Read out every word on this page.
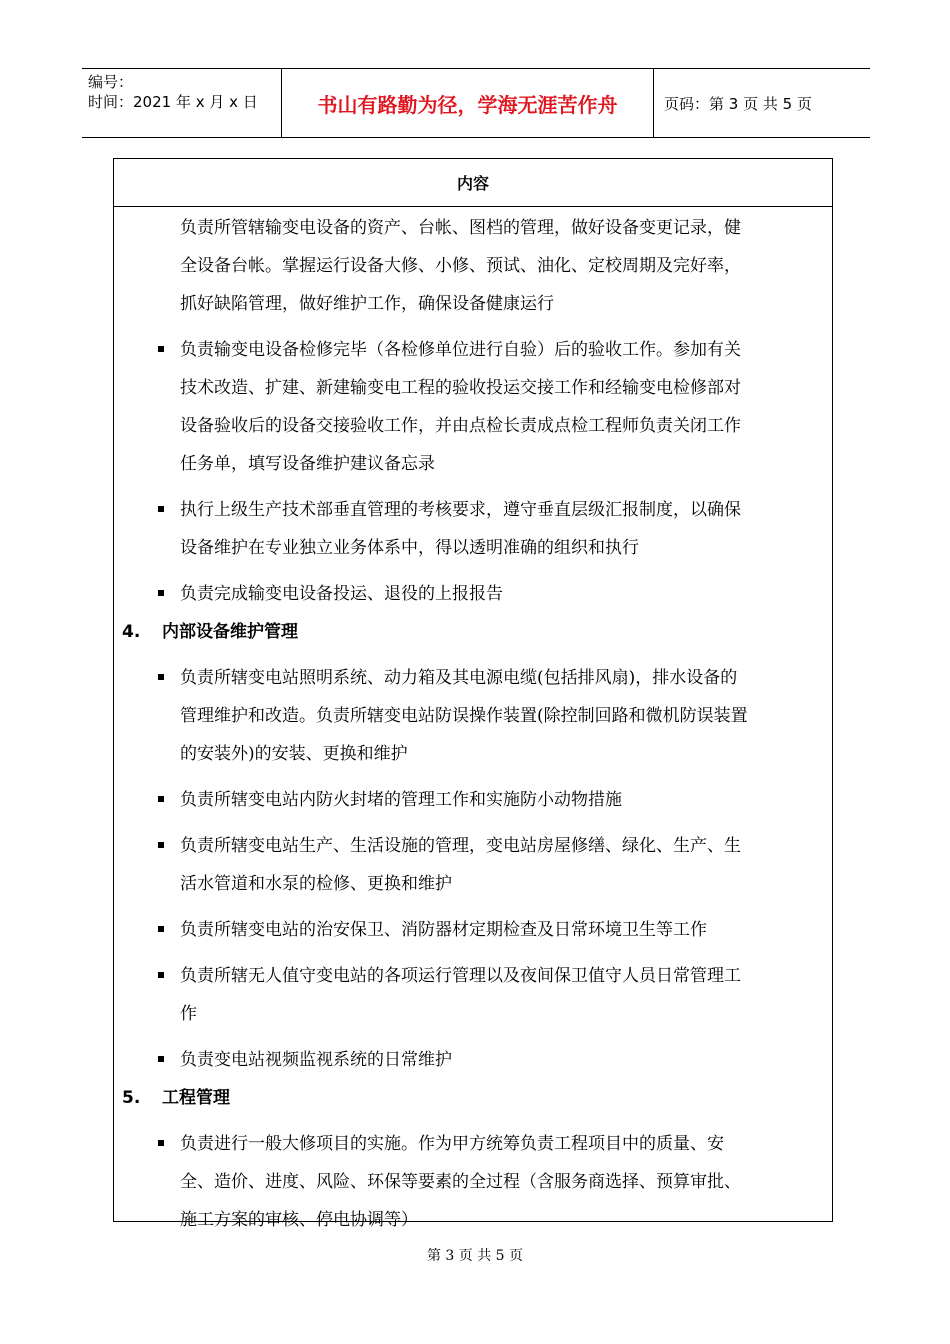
编号：
时间：2021 年 x 月 x 日	书山有路勤为径，学海无涯苦作舟	页码：第 3 页 共 5 页
内容
负责所管辖输变电设备的资产、台帐、图档的管理，做好设备变更记录，健
全设备台帐。掌握运行设备大修、小修、预试、油化、定校周期及完好率，
抓好缺陷管理，做好维护工作，确保设备健康运行
负责输变电设备检修完毕（各检修单位进行自验）后的验收工作。参加有关
技术改造、扩建、新建输变电工程的验收投运交接工作和经输变电检修部对
设备验收后的设备交接验收工作，并由点检长责成点检工程师负责关闭工作
任务单，填写设备维护建议备忘录
执行上级生产技术部垂直管理的考核要求，遵守垂直层级汇报制度，以确保
设备维护在专业独立业务体系中，得以透明准确的组织和执行
负责完成输变电设备投运、退役的上报报告
4.	内部设备维护管理
负责所辖变电站照明系统、动力箱及其电源电缆(包括排风扇)，排水设备的
管理维护和改造。负责所辖变电站防误操作装置(除控制回路和微机防误装置
的安装外)的安装、更换和维护
负责所辖变电站内防火封堵的管理工作和实施防小动物措施
负责所辖变电站生产、生活设施的管理，变电站房屋修缮、绿化、生产、生
活水管道和水泵的检修、更换和维护
负责所辖变电站的治安保卫、消防器材定期检查及日常环境卫生等工作
负责所辖无人值守变电站的各项运行管理以及夜间保卫值守人员日常管理工
作
负责变电站视频监视系统的日常维护
5.	工程管理
负责进行一般大修项目的实施。作为甲方统筹负责工程项目中的质量、安
全、造价、进度、风险、环保等要素的全过程（含服务商选择、预算审批、
施工方案的审核、停电协调等）
第 3 页 共 5 页
